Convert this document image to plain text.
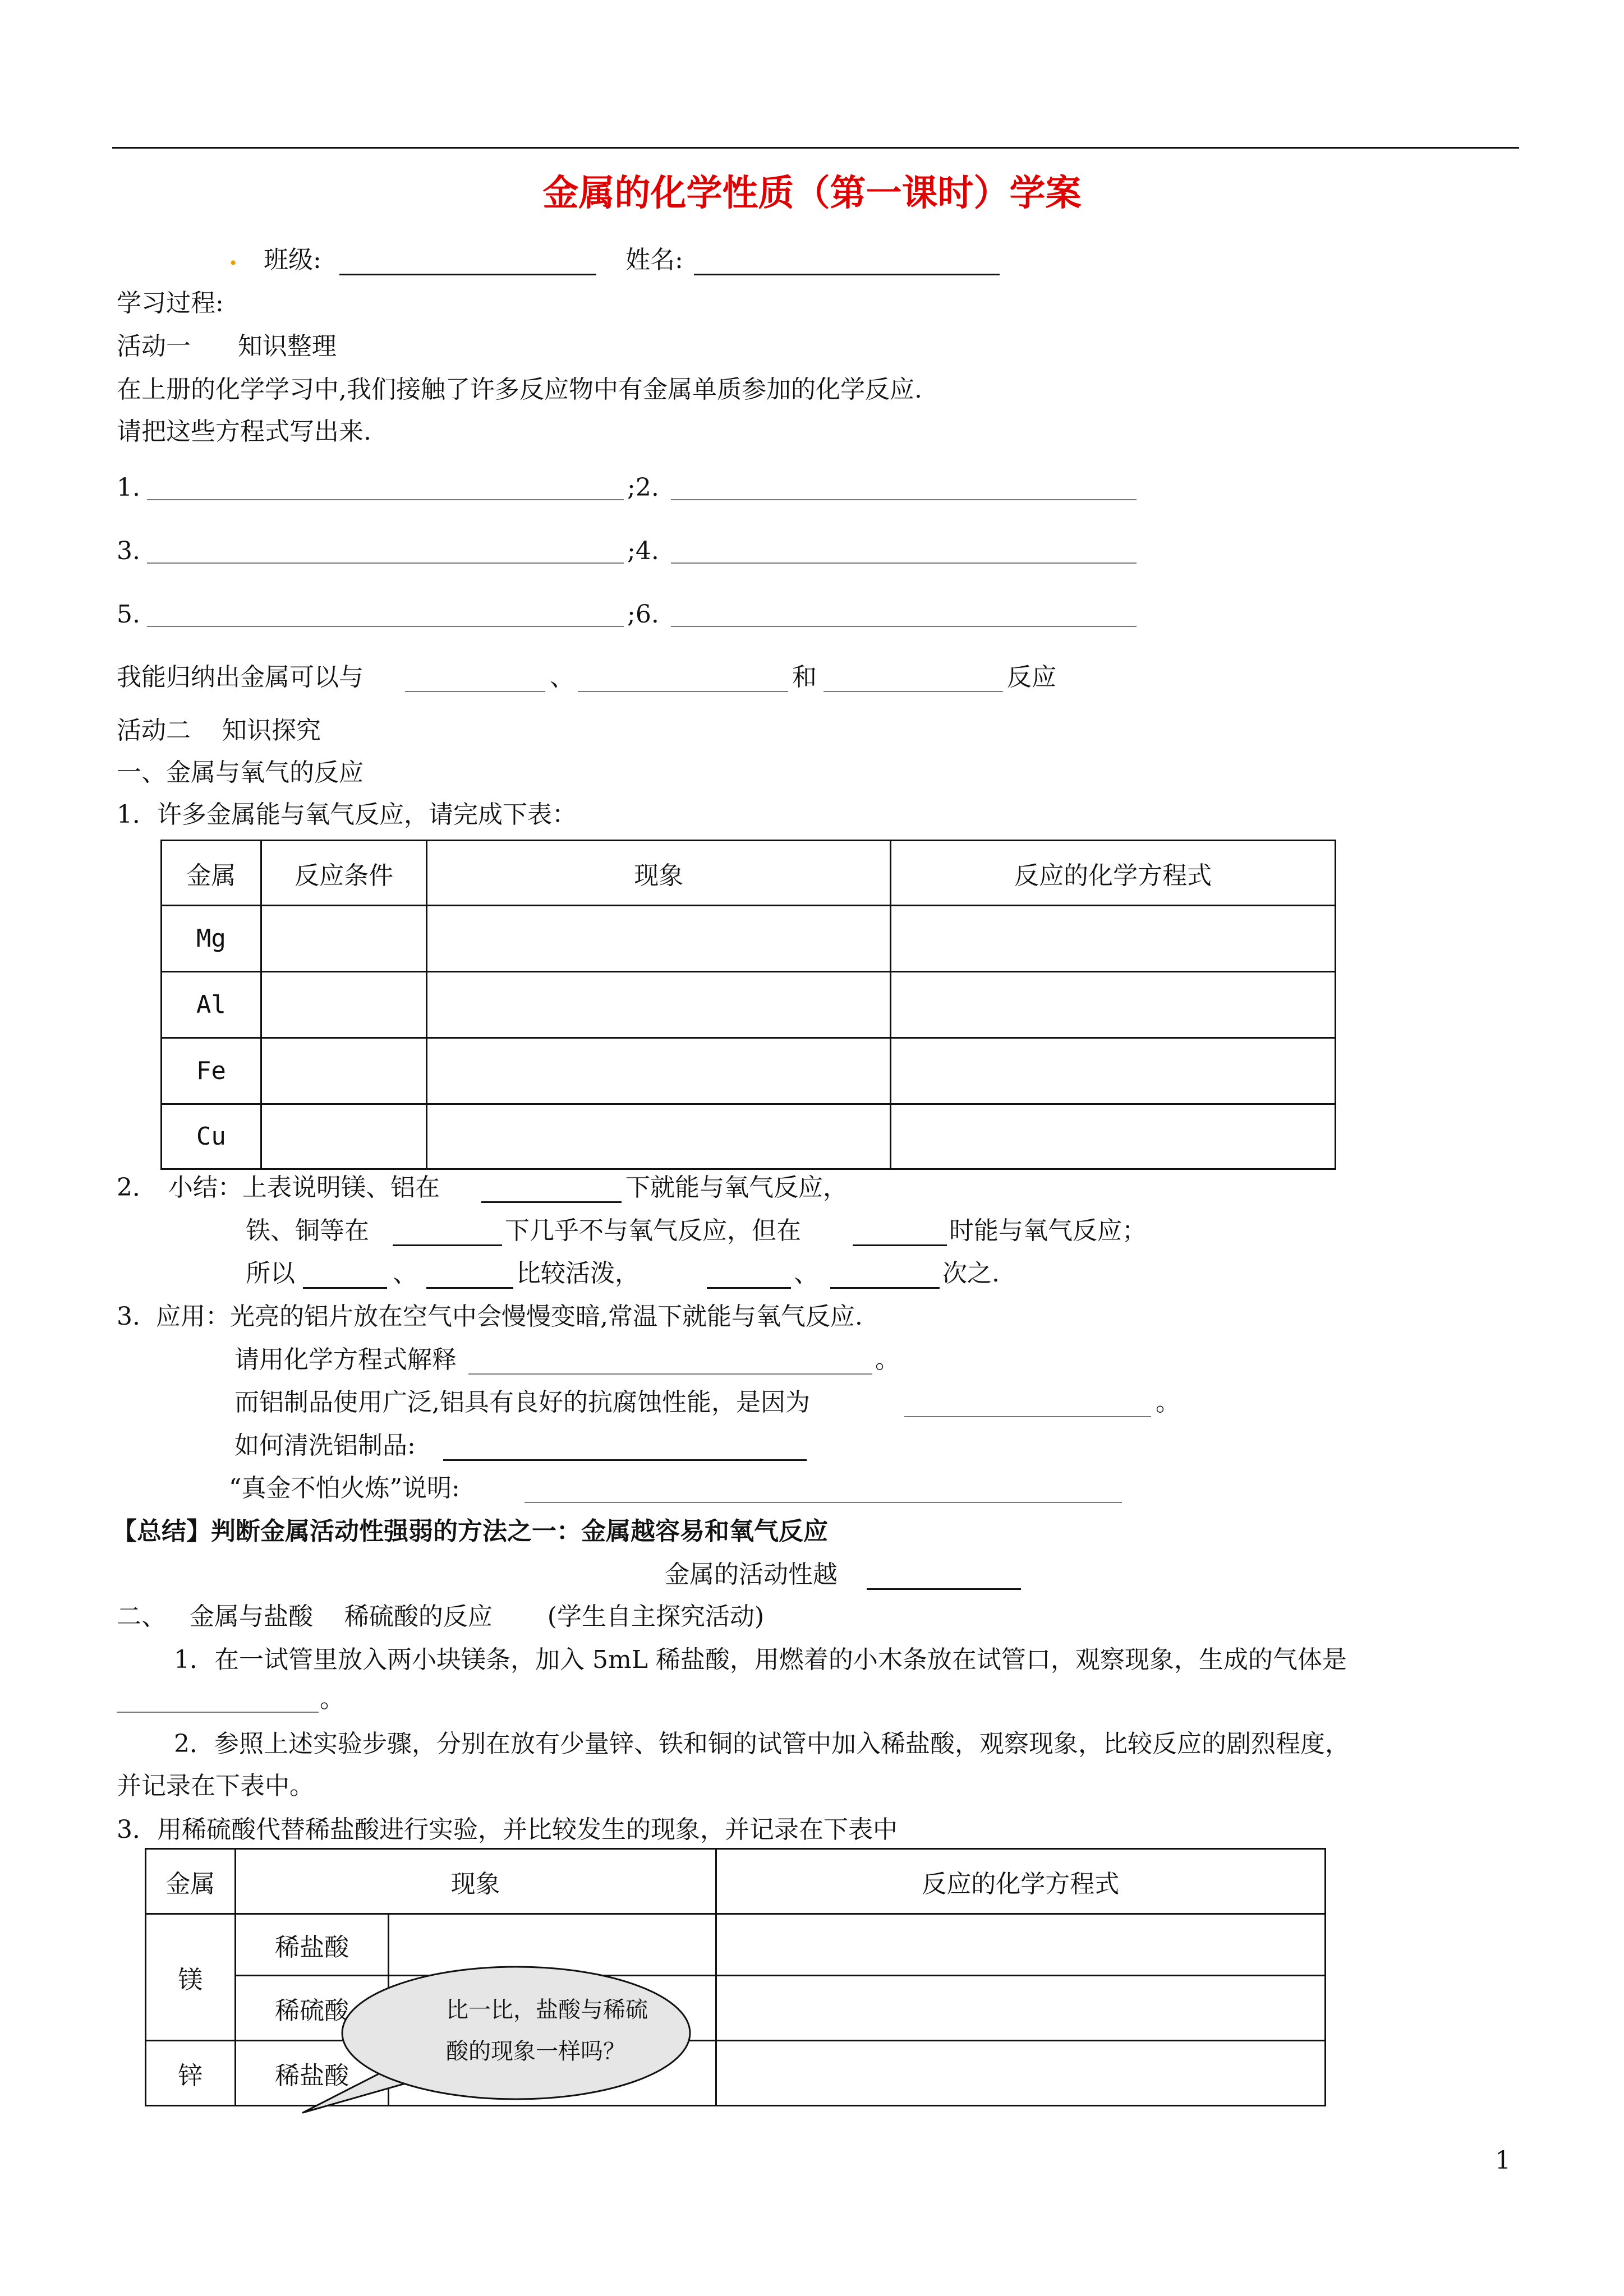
金属的化学性质（第一课时）学案
. 班级:	姓名:
学习过程:
活动一      知识整理
在上册的化学学习中,我们接触了许多反应物中有金属单质参加的化学反应.
请把这些方程式写出来.
1.	;2.
3.	;4.
5.	;6.
我能归纳出金属可以与	、	和	反应
活动二    知识探究
一、金属与氧气的反应
1．许多金属能与氧气反应，请完成下表：
金属	反应条件	现象	反应的化学方程式
Mg			
Al			
Fe			
Cu			
2． 小结：上表说明镁、铝在	下就能与氧气反应，
铁、铜等在	下几乎不与氧气反应，但在	时能与氧气反应；
所以	、	比较活泼，	、	次之.
3.  应用：光亮的铝片放在空气中会慢慢变暗,常温下就能与氧气反应.
请用化学方程式解释	。
而铝制品使用广泛,铝具有良好的抗腐蚀性能，是因为	。
如何清洗铝制品:
“真金不怕火炼”说明:
【总结】判断金属活动性强弱的方法之一：金属越容易和氧气反应
金属的活动性越
二、   金属与盐酸    稀硫酸的反应       (学生自主探究活动)
1．在一试管里放入两小块镁条，加入 5mL 稀盐酸，用燃着的小木条放在试管口，观察现象，生成的气体是
。
2．参照上述实验步骤，分别在放有少量锌、铁和铜的试管中加入稀盐酸，观察现象，比较反应的剧烈程度，
并记录在下表中。
3．用稀硫酸代替稀盐酸进行实验，并比较发生的现象，并记录在下表中
金属	现象		反应的化学方程式
镁	稀盐酸		
	稀硫酸		
锌	稀盐酸		
比一比，盐酸与稀硫
酸的现象一样吗？
1
